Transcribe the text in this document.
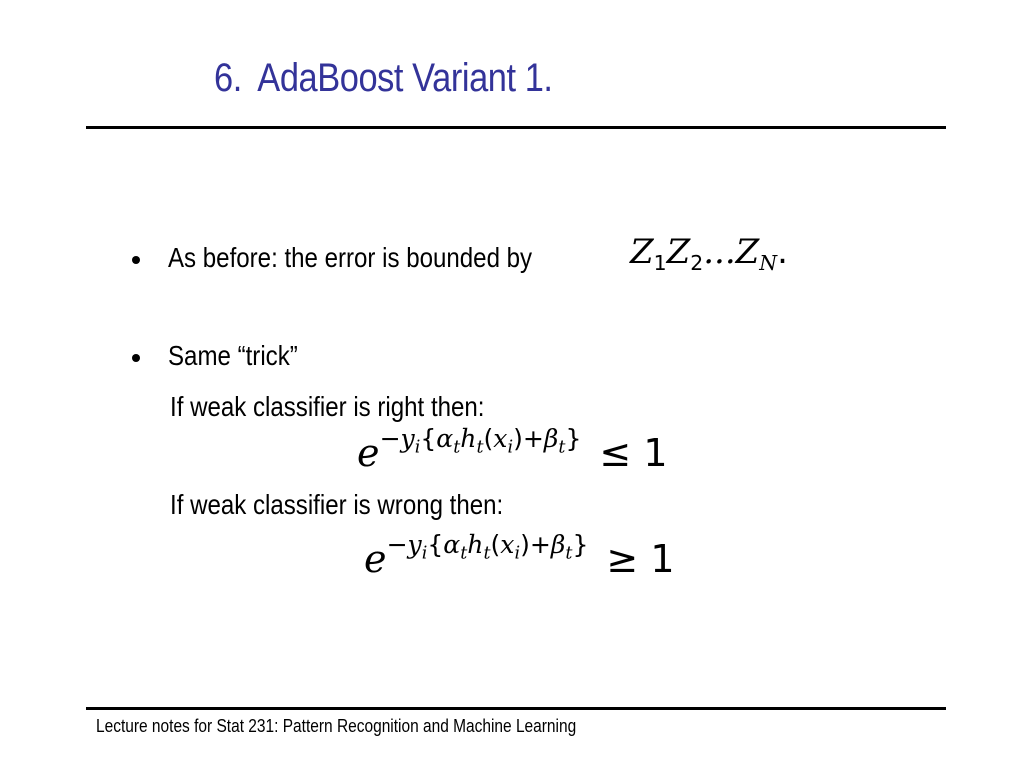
6. AdaBoost Variant 1.
As before: the error is bounded by	$Z_1Z_2...Z_N$.
Same “trick”
If weak classifier is right then:
$e^{-y_i\{\alpha_th_t(x_i)+\beta_t\}} \le 1$
If weak classifier is wrong then:
$e^{-y_i\{\alpha_th_t(x_i)+\beta_t\}} \ge 1$
Lecture notes for Stat 231: Pattern Recognition and Machine Learning
